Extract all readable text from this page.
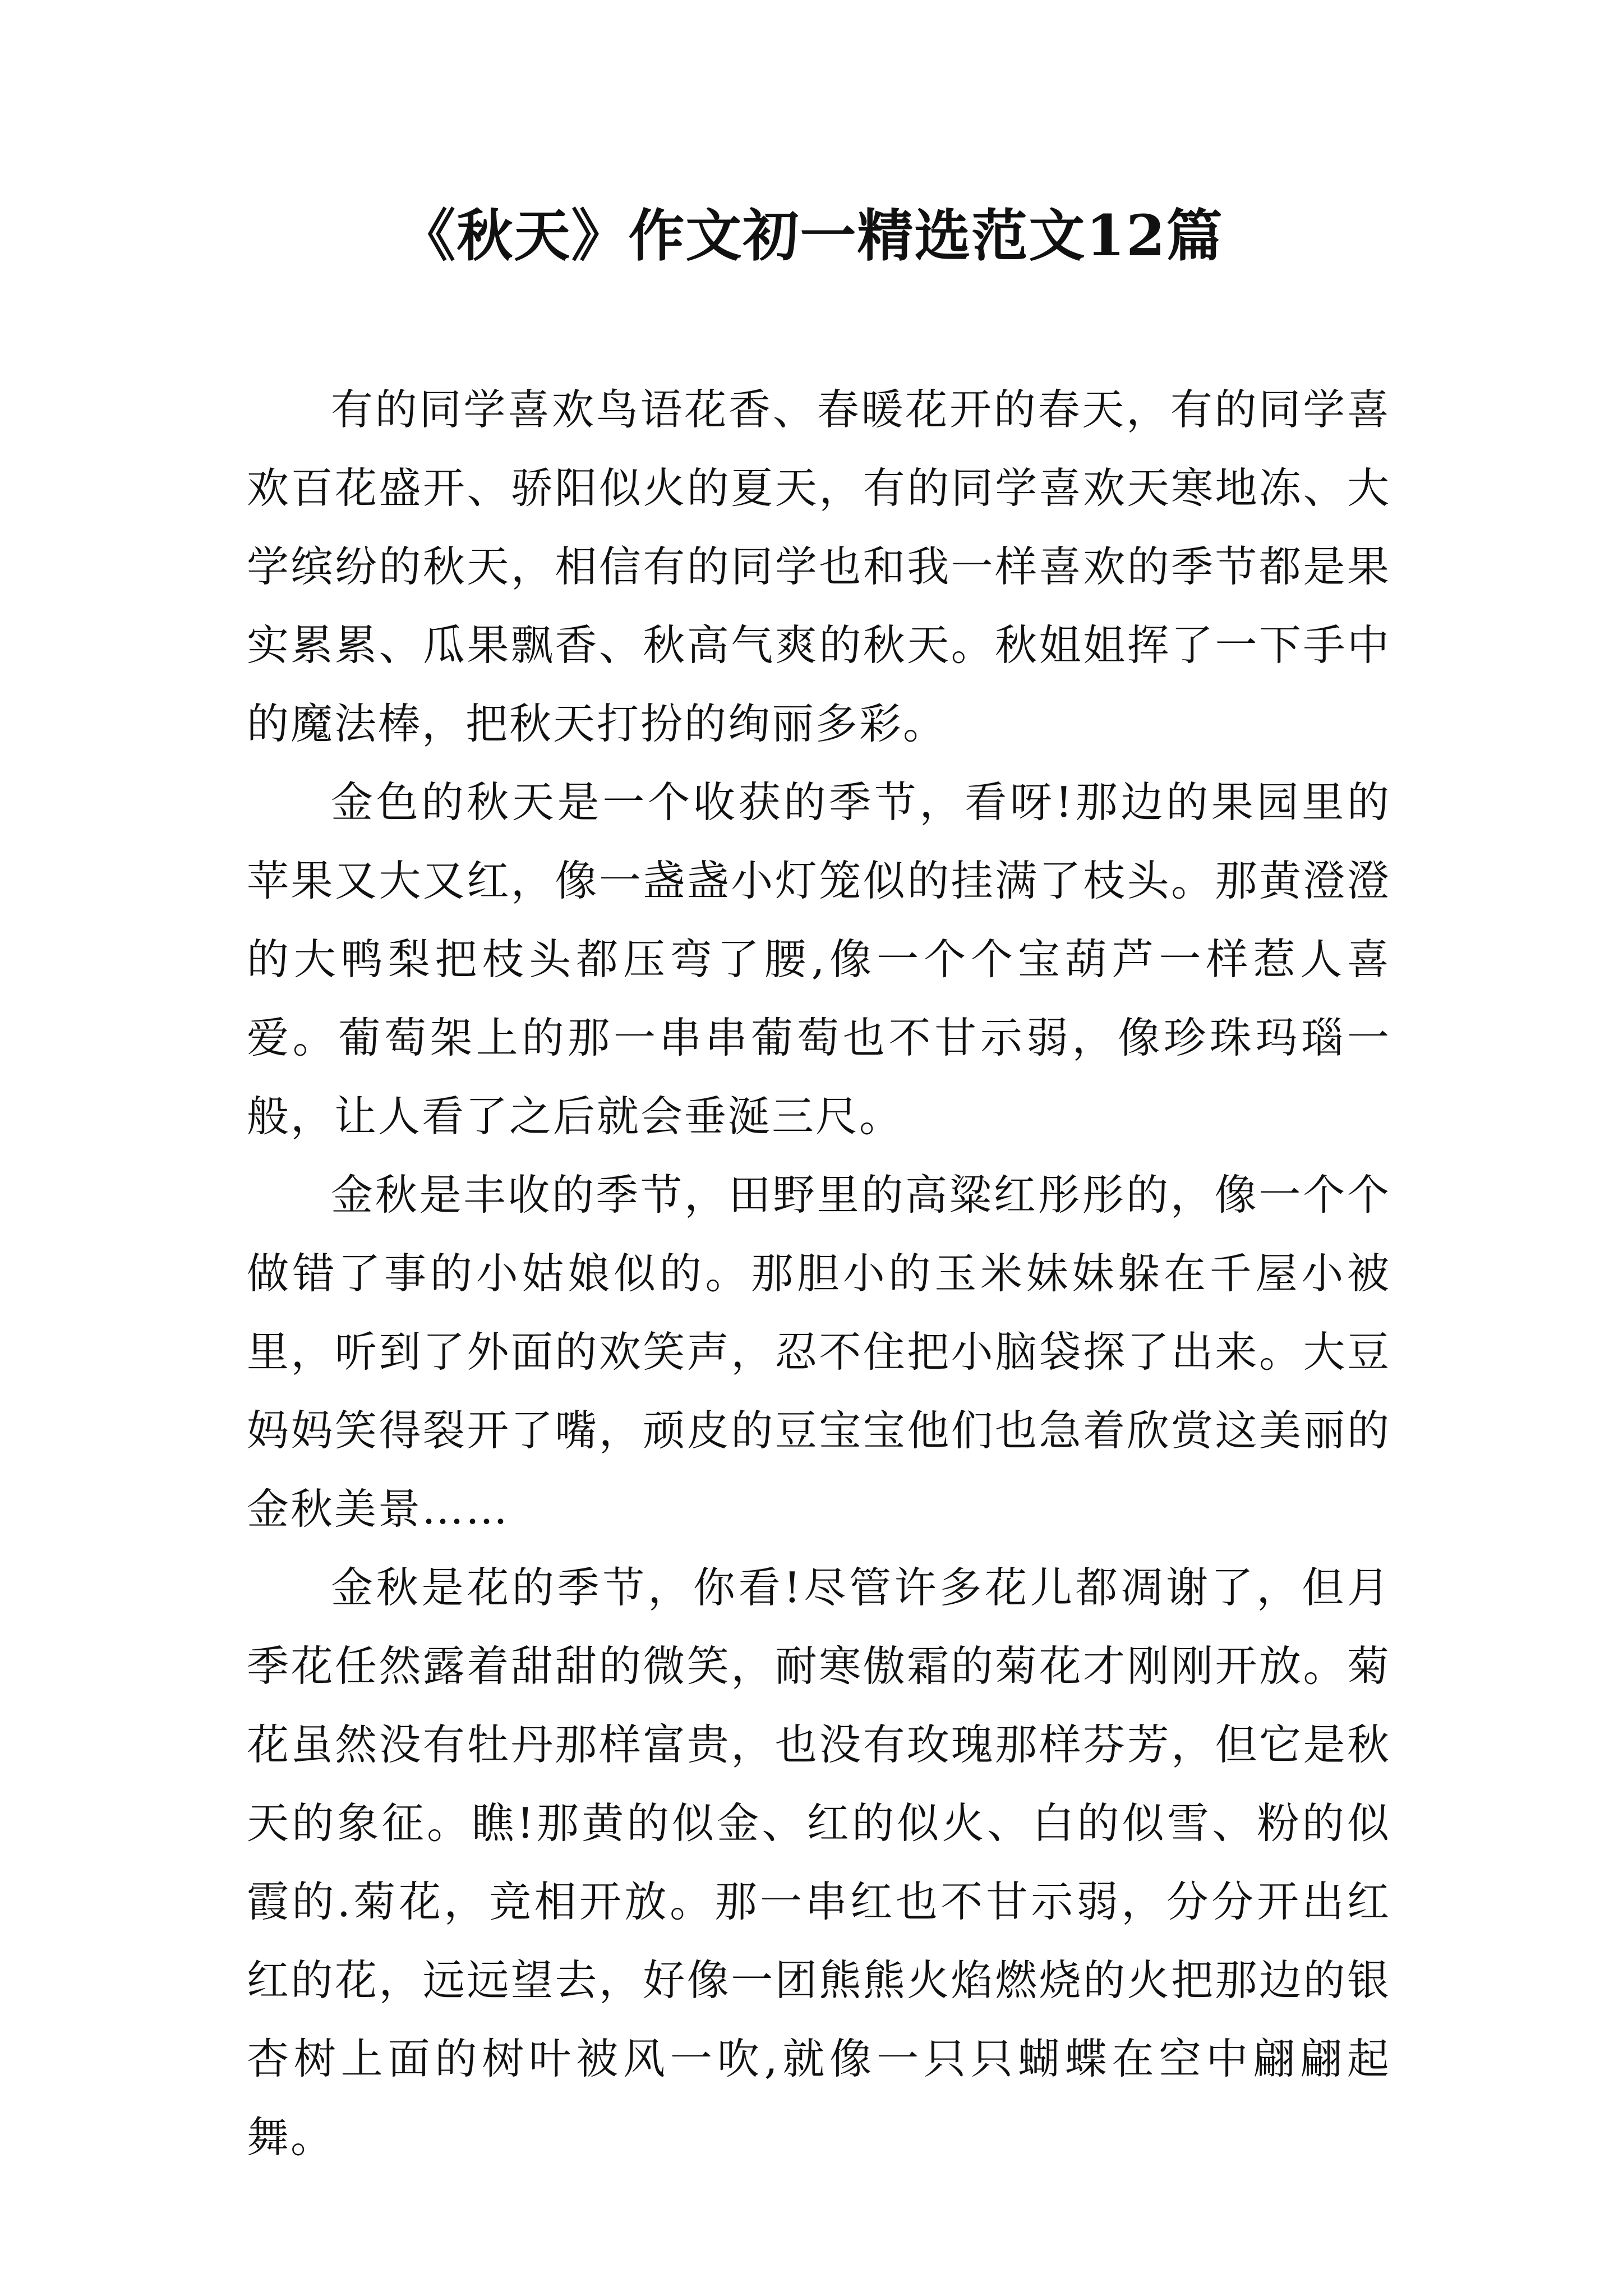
《秋天》作文初一精选范文12篇

有的同学喜欢鸟语花香、春暖花开的春天，有的同学喜欢百花盛开、骄阳似火的夏天，有的同学喜欢天寒地冻、大学缤纷的秋天，相信有的同学也和我一样喜欢的季节都是果实累累、瓜果飘香、秋高气爽的秋天。秋姐姐挥了一下手中的魔法棒，把秋天打扮的绚丽多彩。

金色的秋天是一个收获的季节，看呀!那边的果园里的苹果又大又红，像一盏盏小灯笼似的挂满了枝头。那黄澄澄的大鸭梨把枝头都压弯了腰,像一个个宝葫芦一样惹人喜爱。葡萄架上的那一串串葡萄也不甘示弱，像珍珠玛瑙一般，让人看了之后就会垂涎三尺。

金秋是丰收的季节，田野里的高粱红彤彤的，像一个个做错了事的小姑娘似的。那胆小的玉米妹妹躲在千屋小被里，听到了外面的欢笑声，忍不住把小脑袋探了出来。大豆妈妈笑得裂开了嘴，顽皮的豆宝宝他们也急着欣赏这美丽的金秋美景……

金秋是花的季节，你看!尽管许多花儿都凋谢了，但月季花任然露着甜甜的微笑，耐寒傲霜的菊花才刚刚开放。菊花虽然没有牡丹那样富贵，也没有玫瑰那样芬芳，但它是秋天的象征。瞧!那黄的似金、红的似火、白的似雪、粉的似霞的.菊花，竞相开放。那一串红也不甘示弱，分分开出红红的花，远远望去，好像一团熊熊火焰燃烧的火把那边的银杏树上面的树叶被风一吹,就像一只只蝴蝶在空中翩翩起舞。
